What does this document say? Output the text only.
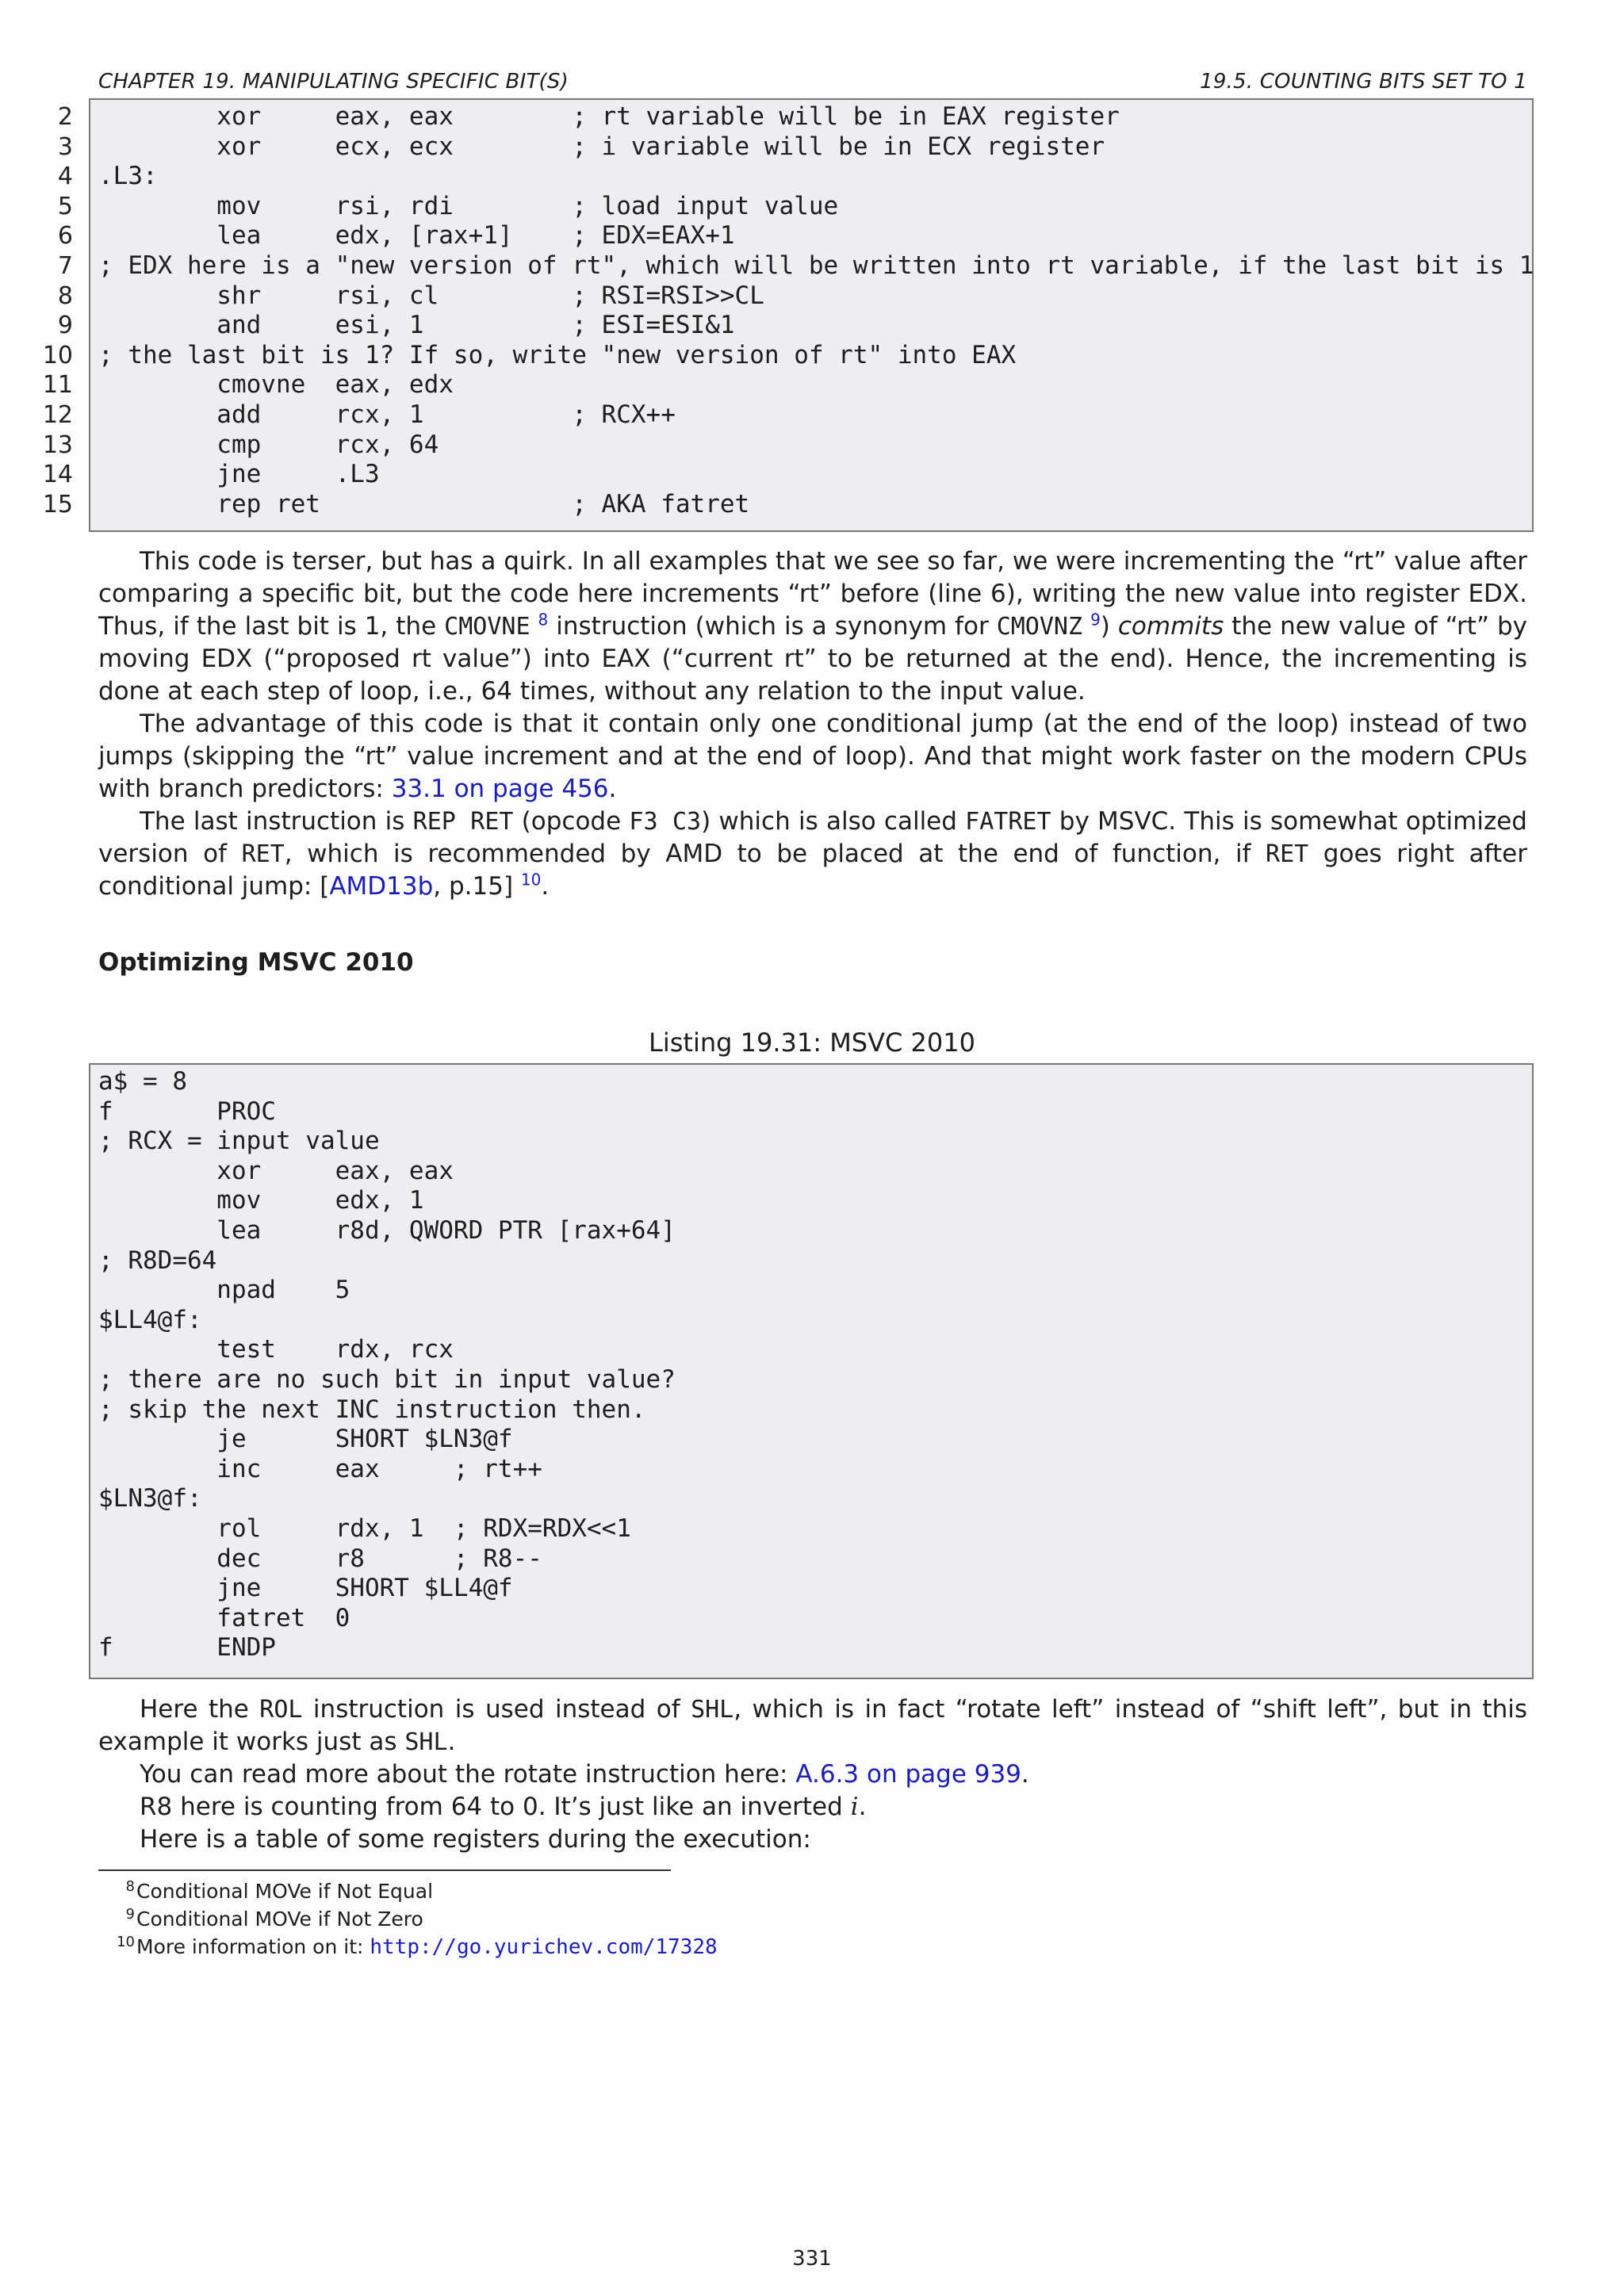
CHAPTER 19. MANIPULATING SPECIFIC BIT(S)	19.5. COUNTING BITS SET TO 1
2 xor     eax, eax        ; rt variable will be in EAX register
3 xor     ecx, ecx        ; i variable will be in ECX register
4 .L3:
5 mov     rsi, rdi        ; load input value
6 lea     edx, [rax+1]    ; EDX=EAX+1
7 ; EDX here is a "new version of rt", which will be written into rt variable, if the last bit is 1
8 shr     rsi, cl         ; RSI=RSI>>CL
9 and     esi, 1          ; ESI=ESI&1
10 ; the last bit is 1? If so, write "new version of rt" into EAX
11 cmovne  eax, edx
12 add     rcx, 1          ; RCX++
13 cmp     rcx, 64
14 jne     .L3
15 rep ret                 ; AKA fatret

This code is terser, but has a quirk. In all examples that we see so far, we were incrementing the “rt” value after comparing a specific bit, but the code here increments “rt” before (line 6), writing the new value into register EDX. Thus, if the last bit is 1, the CMOVNE $^8$ instruction (which is a synonym for CMOVNZ $^9$) commits the new value of “rt” by moving EDX (“proposed rt value”) into EAX (“current rt” to be returned at the end). Hence, the incrementing is done at each step of loop, i.e., 64 times, without any relation to the input value.

The advantage of this code is that it contain only one conditional jump (at the end of the loop) instead of two jumps (skipping the “rt” value increment and at the end of loop). And that might work faster on the modern CPUs with branch predictors: 33.1 on page 456.

The last instruction is REP RET (opcode F3 C3) which is also called FATRET by MSVC. This is somewhat optimized version of RET, which is recommended by AMD to be placed at the end of function, if RET goes right after conditional jump: [AMD13b, p.15] $^{10}$.

Optimizing MSVC 2010
Listing 19.31: MSVC 2010
a$ = 8
f       PROC
; RCX = input value
xor     eax, eax
mov     edx, 1
lea     r8d, QWORD PTR [rax+64]
; R8D=64
npad    5
$LL4@f:
test    rdx, rcx
; there are no such bit in input value?
; skip the next INC instruction then.
je      SHORT $LN3@f
inc     eax     ; rt++
$LN3@f:
rol     rdx, 1  ; RDX=RDX<<1
dec     r8      ; R8--
jne     SHORT $LL4@f
fatret  0
f       ENDP

Here the ROL instruction is used instead of SHL, which is in fact “rotate left” instead of “shift left”, but in this example it works just as SHL.

You can read more about the rotate instruction here: A.6.3 on page 939.

R8 here is counting from 64 to 0. It’s just like an inverted i.

Here is a table of some registers during the execution:

8 Conditional MOVe if Not Equal
9 Conditional MOVe if Not Zero
10 More information on it: http://go.yurichev.com/17328
331
